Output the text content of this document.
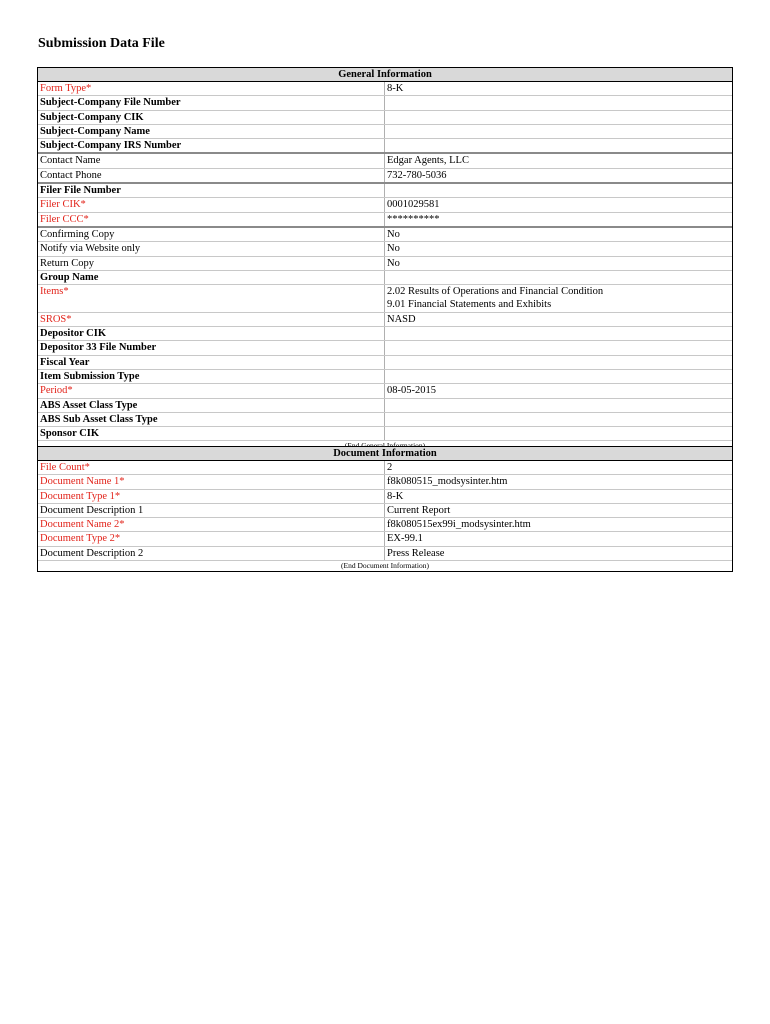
Submission Data File
General Information
Form Type*	8-K
Subject-Company File Number
Subject-Company CIK
Subject-Company Name
Subject-Company IRS Number
Contact Name	Edgar Agents, LLC
Contact Phone	732-780-5036
Filer File Number
Filer CIK*	0001029581
Filer CCC*	**********
Confirming Copy	No
Notify via Website only	No
Return Copy	No
Group Name
Items*	2.02 Results of Operations and Financial Condition
9.01 Financial Statements and Exhibits
SROS*	NASD
Depositor CIK
Depositor 33 File Number
Fiscal Year
Item Submission Type
Period*	08-05-2015
ABS Asset Class Type
ABS Sub Asset Class Type
Sponsor CIK
Document Information
File Count*	2
Document Name 1*	f8k080515_modsysinter.htm
Document Type 1*	8-K
Document Description 1	Current Report
Document Name 2*	f8k080515ex99i_modsysinter.htm
Document Type 2*	EX-99.1
Document Description 2	Press Release
(End Document Information)
